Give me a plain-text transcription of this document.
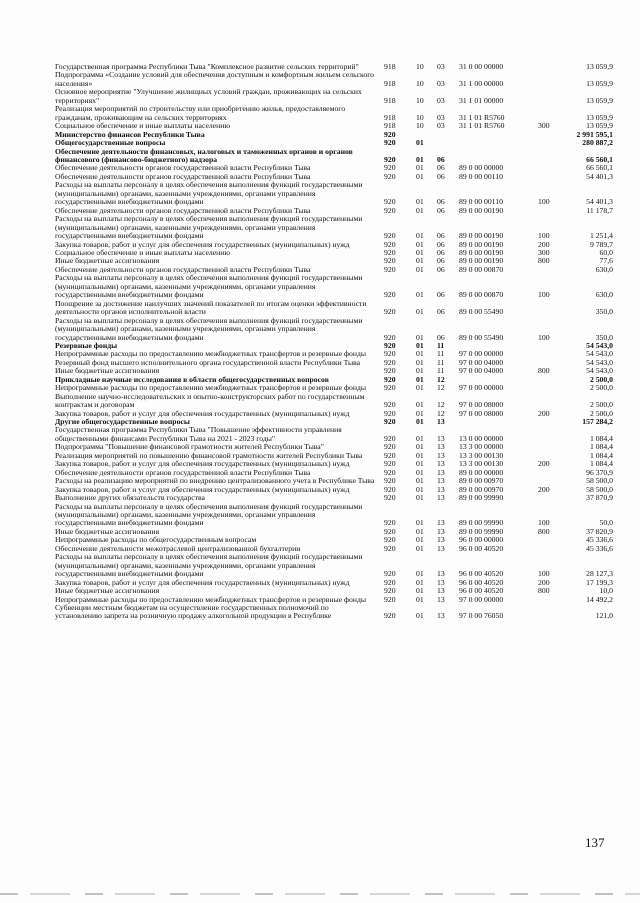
Государственная программа Республики Тыва "Комплексное развитие сельских территорий"	918	10 03 31 0 00 00000	13 059,9
Подпрограмма «Создание условий для обеспечения доступным и комфортным жильем сельского населения»	918	10 03 31 1 00 00000	13 059,9
Основное мероприятие "Улучшение жилищных условий граждан, проживающих на сельских территориях"	918	10 03 31 1 01 00000	13 059,9
Реализация мероприятий по строительству или приобретению жилья, предоставляемого гражданам, проживающим на сельских территориях	918	10 03 31 1 01 R5760	13 059,9
Социальное обеспечение и иные выплаты населению	918	10 03 31 1 01 R5760	300	13 059,9
Министерство финансов Республики Тыва	920	2 991 595,1
Общегосударственные вопросы	920	01	280 887,2
Обеспечение деятельности финансовых, налоговых и таможенных органов и органов финансового (финансово-бюджетного) надзора	920	01 06	66 560,1
Обеспечение деятельности органов государственной власти Республики Тыва	920	01 06 89 0 00 00000	66 560,1
Обеспечение деятельности органов государственной власти Республики Тыва	920	01 06 89 0 00 00110	54 401,3
Расходы на выплаты персоналу в целях обеспечения выполнения функций государственными (муниципальными) органами, казенными учреждениями, органами управления государственными внебюджетными фондами	920	01 06 89 0 00 00110	100	54 401,3
Обеспечение деятельности органов государственной власти Республики Тыва	920	01 06 89 0 00 00190	11 178,7
Расходы на выплаты персоналу в целях обеспечения выполнения функций государственными (муниципальными) органами, казенными учреждениями, органами управления государственными внебюджетными фондами	920	01 06 89 0 00 00190	100	1 251,4
Закупка товаров, работ и услуг для обеспечения государственных (муниципальных) нужд	920	01 06 89 0 00 00190	200	9 789,7
Социальное обеспечение и иные выплаты населению	920	01 06 89 0 00 00190	300	60,0
Иные бюджетные ассигнования	920	01 06 89 0 00 00190	800	77,6
Обеспечение деятельности органов государственной власти Республики Тыва	920	01 06 89 0 00 00870	630,0
Расходы на выплаты персоналу в целях обеспечения выполнения функций государственными (муниципальными) органами, казенными учреждениями, органами управления государственными внебюджетными фондами	920	01 06 89 0 00 00870	100	630,0
Поощрение за достижение наилучших значений показателей по итогам оценки эффективности деятельности органов исполнительной власти	920	01 06 89 0 00 55490	350,0
Расходы на выплаты персоналу в целях обеспечения выполнения функций государственными (муниципальными) органами, казенными учреждениями, органами управления государственными внебюджетными фондами	920	01 06 89 0 00 55490	100	350,0
Резервные фонды	920	01 11	54 543,0
Непрограммные расходы по предоставлению межбюджетных трансфертов и резервные фонды	920	01 11 97 0 00 00000	54 543,0
Резервный фонд высшего исполнительного органа государственной власти Республики Тыва	920	01 11 97 0 00 04000	54 543,0
Иные бюджетные ассигнования	920	01 11 97 0 00 04000	800	54 543,0
Прикладные научные исследования в области общегосударственных вопросов	920	01 12	2 500,0
Непрограммные расходы по предоставлению межбюджетных трансфертов и резервные фонды	920	01 12 97 0 00 00000	2 500,0
Выполнение научно-исследовательских и опытно-конструкторских работ по государственным контрактам и договорам	920	01 12 97 0 00 08000	2 500,0
Закупка товаров, работ и услуг для обеспечения государственных (муниципальных) нужд	920	01 12 97 0 00 08000	200	2 500,0
Другие общегосударственные вопросы	920	01 13	157 284,2
Государственная программа Республики Тыва "Повышение эффективности управления общественными финансами Республики Тыва на 2021 - 2023 годы"	920	01 13 13 0 00 00000	1 084,4
Подпрограмма "Повышение финансовой грамотности жителей Республики Тыва"	920	01 13 13 3 00 00000	1 084,4
Реализация мероприятий по повышению финансовой грамотности жителей Республики Тыва	920	01 13 13 3 00 00130	1 084,4
Закупка товаров, работ и услуг для обеспечения государственных (муниципальных) нужд	920	01 13 13 3 00 00130	200	1 084,4
Обеспечение деятельности органов государственной власти Республики Тыва	920	01 13 89 0 00 00000	96 370,9
Расходы на реализацию мероприятий по внедрению централизованного учета в Республике Тыва	920	01 13 89 0 00 00970	58 500,0
Закупка товаров, работ и услуг для обеспечения государственных (муниципальных) нужд	920	01 13 89 0 00 00970	200	58 500,0
Выполнение других обязательств государства	920	01 13 89 0 00 99990	37 870,9
Расходы на выплаты персоналу в целях обеспечения выполнения функций государственными (муниципальными) органами, казенными учреждениями, органами управления государственными внебюджетными фондами	920	01 13 89 0 00 99990	100	50,0
Иные бюджетные ассигнования	920	01 13 89 0 00 99990	800	37 820,9
Непрограммные расходы по общегосударственным вопросам	920	01 13 96 0 00 00000	45 336,6
Обеспечение деятельности межотраслевой централизованной бухгалтерии	920	01 13 96 0 00 40520	45 336,6
Расходы на выплаты персоналу в целях обеспечения выполнения функций государственными (муниципальными) органами, казенными учреждениями, органами управления государственными внебюджетными фондами	920	01 13 96 0 00 40520	100	28 127,3
Закупка товаров, работ и услуг для обеспечения государственных (муниципальных) нужд	920	01 13 96 0 00 40520	200	17 199,3
Иные бюджетные ассигнования	920	01 13 96 0 00 40520	800	10,0
Непрограммные расходы по предоставлению межбюджетных трансфертов и резервные фонды	920	01 13 97 0 00 00000	14 492,2
Субвенции местным бюджетам на осуществление государственных полномочий по установлению запрета на розничную продажу алкогольной продукции в Республике	920	01 13 97 0 00 76050	121,0
137
